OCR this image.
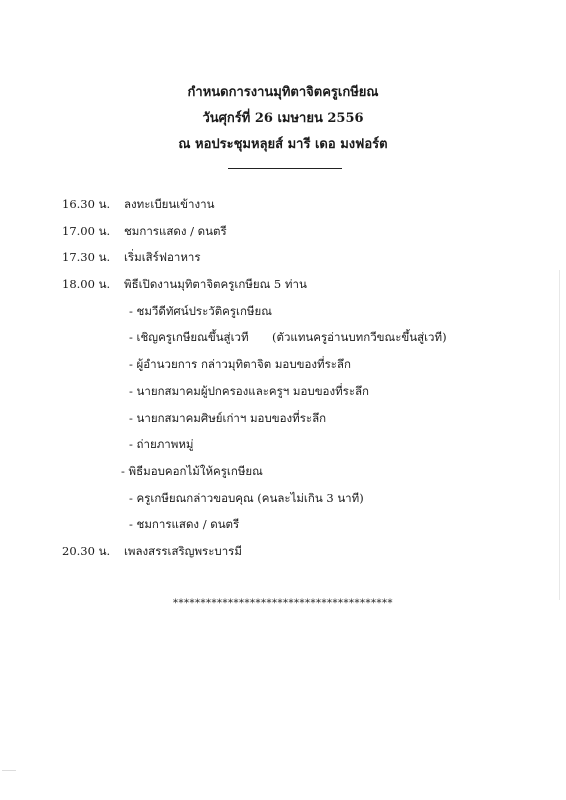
กำหนดการงานมุทิตาจิตครูเกษียณ
วันศุกร์ที่ 26 เมษายน 2556
ณ หอประชุมหลุยส์ มารี เดอ มงฟอร์ต
16.30 น. ลงทะเบียนเข้างาน
17.00 น. ชมการแสดง / ดนตรี
17.30 น. เริ่มเสิร์ฟอาหาร
18.00 น. พิธีเปิดงานมุทิตาจิตครูเกษียณ 5 ท่าน
- ชมวีดีทัศน์ประวัติครูเกษียณ
- เชิญครูเกษียณขึ้นสู่เวที (ตัวแทนครูอ่านบทกวีขณะขึ้นสู่เวที)
- ผู้อำนวยการ กล่าวมุทิตาจิต มอบของที่ระลึก
- นายกสมาคมผู้ปกครองและครูฯ มอบของที่ระลึก
- นายกสมาคมศิษย์เก่าฯ มอบของที่ระลึก
- ถ่ายภาพหมู่
- พิธีมอบคอกไม้ให้ครูเกษียณ
- ครูเกษียณกล่าวขอบคุณ (คนละไม่เกิน 3 นาที)
- ชมการแสดง / ดนตรี
20.30 น. เพลงสรรเสริญพระบารมี
****************************************
